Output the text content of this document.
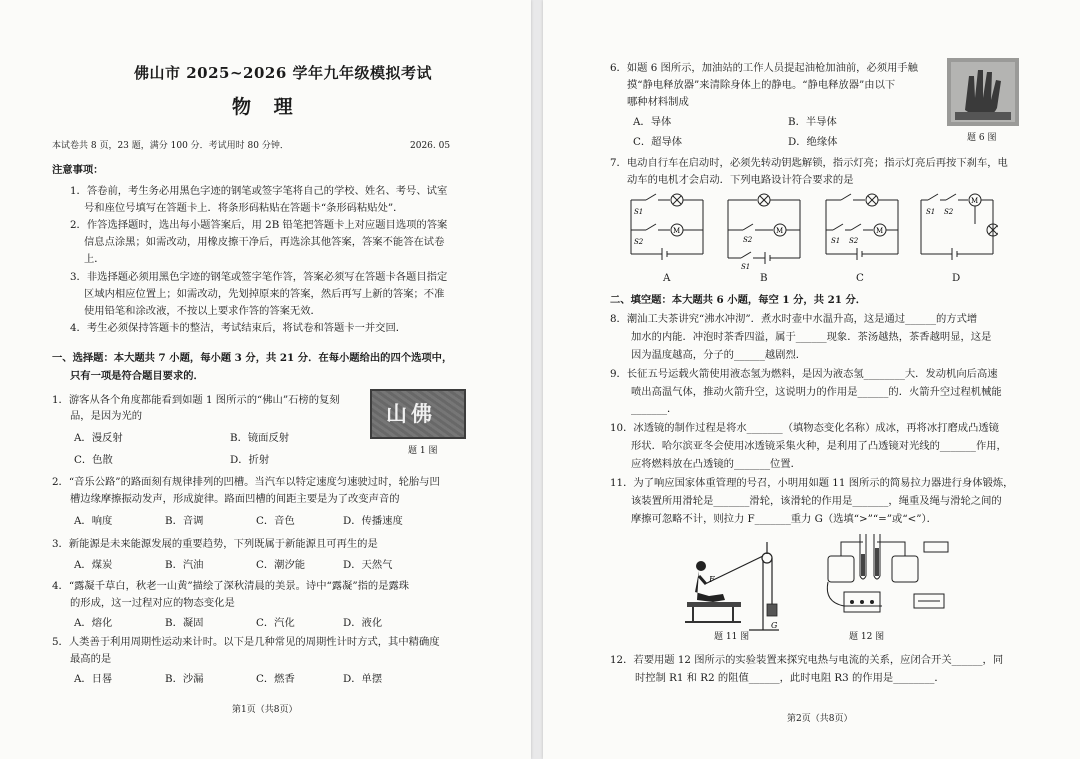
佛山市 2025~2026 学年九年级模拟考试
物 理
本试卷共 8 页，23 题，满分 100 分．考试用时 80 分钟．	2026. 05
注意事项：
1．答卷前，考生务必用黑色字迹的钢笔或签字笔将自己的学校、姓名、考号、试室
号和座位号填写在答题卡上．将条形码粘贴在答题卡“条形码粘贴处”．
2．作答选择题时，选出每小题答案后，用 2B 铅笔把答题卡上对应题目选项的答案
信息点涂黑；如需改动，用橡皮擦干净后，再选涂其他答案，答案不能答在试卷
上．
3．非选择题必须用黑色字迹的钢笔或签字笔作答，答案必须写在答题卡各题目指定
区域内相应位置上；如需改动，先划掉原来的答案，然后再写上新的答案；不准
使用铅笔和涂改液，不按以上要求作答的答案无效．
4．考生必须保持答题卡的整洁，考试结束后，将试卷和答题卡一并交回．
一、选择题：本大题共 7 小题，每小题 3 分，共 21 分．在每小题给出的四个选项中，
只有一项是符合题目要求的．
1．游客从各个角度都能看到如题 1 图所示的“佛山”石榜的复刻
品，是因为光的
A．漫反射	B．镜面反射
C．色散	D．折射
山佛
题 1 图
2．“音乐公路”的路面刻有规律排列的凹槽。当汽车以特定速度匀速驶过时，轮胎与凹
槽边缘摩擦振动发声，形成旋律。路面凹槽的间距主要是为了改变声音的
A．响度	B．音调	C．音色	D．传播速度
3．新能源是未来能源发展的重要趋势，下列既属于新能源且可再生的是
A．煤炭	B．汽油	C．潮汐能	D．天然气
4．“露凝千草白，秋老一山黄”描绘了深秋清晨的美景。诗中“露凝”指的是露珠
的形成，这一过程对应的物态变化是
A．熔化	B．凝固	C．汽化	D．液化
5．人类善于利用周期性运动来计时。以下是几种常见的周期性计时方式，其中精确度
最高的是
A．日晷	B．沙漏	C．燃香	D．单摆
第1页（共8页）
6．如题 6 图所示，加油站的工作人员提起油枪加油前，必须用手触
摸“静电释放器”来清除身体上的静电。“静电释放器”由以下
哪种材料制成
A．导体	B．半导体
C．超导体	D．绝缘体	题 6 图
7．电动自行车在启动时，必须先转动钥匙解锁，指示灯亮；指示灯亮后再按下刹车，电
动车的电机才会启动．下列电路设计符合要求的是
S1
S2
M
S2
S1
M
S1 S2
M
S1 S2
M
A	B	C	D
二、填空题：本大题共 6 小题，每空 1 分，共 21 分．
8．潮汕工夫茶讲究“沸水冲沏”．煮水时壶中水温升高，这是通过______的方式增
加水的内能．冲泡时茶香四溢，属于______现象．茶汤越热，茶香越明显，这是
因为温度越高，分子的______越剧烈．
9．长征五号运载火箭使用液态氢为燃料，是因为液态氢________大．发动机向后高速
喷出高温气体，推动火箭升空，这说明力的作用是______的．火箭升空过程机械能
_______．
10．冰透镜的制作过程是将水_______（填物态变化名称）成冰，再将冰打磨成凸透镜
形状．哈尔滨亚冬会使用冰透镜采集火种，是利用了凸透镜对光线的_______作用，
应将燃料放在凸透镜的_______位置．
11．为了响应国家体重管理的号召，小明用如题 11 图所示的简易拉力器进行身体锻炼，
该装置所用滑轮是_______滑轮，该滑轮的作用是_______，绳重及绳与滑轮之间的
摩擦可忽略不计，则拉力 F_______重力 G（选填“>”“=”或“<”）．
F
G
题 11 图	题 12 图
12．若要用题 12 图所示的实验装置来探究电热与电流的关系，应闭合开关______，同
时控制 R1 和 R2 的阻值______，此时电阻 R3 的作用是________．
第2页（共8页）
